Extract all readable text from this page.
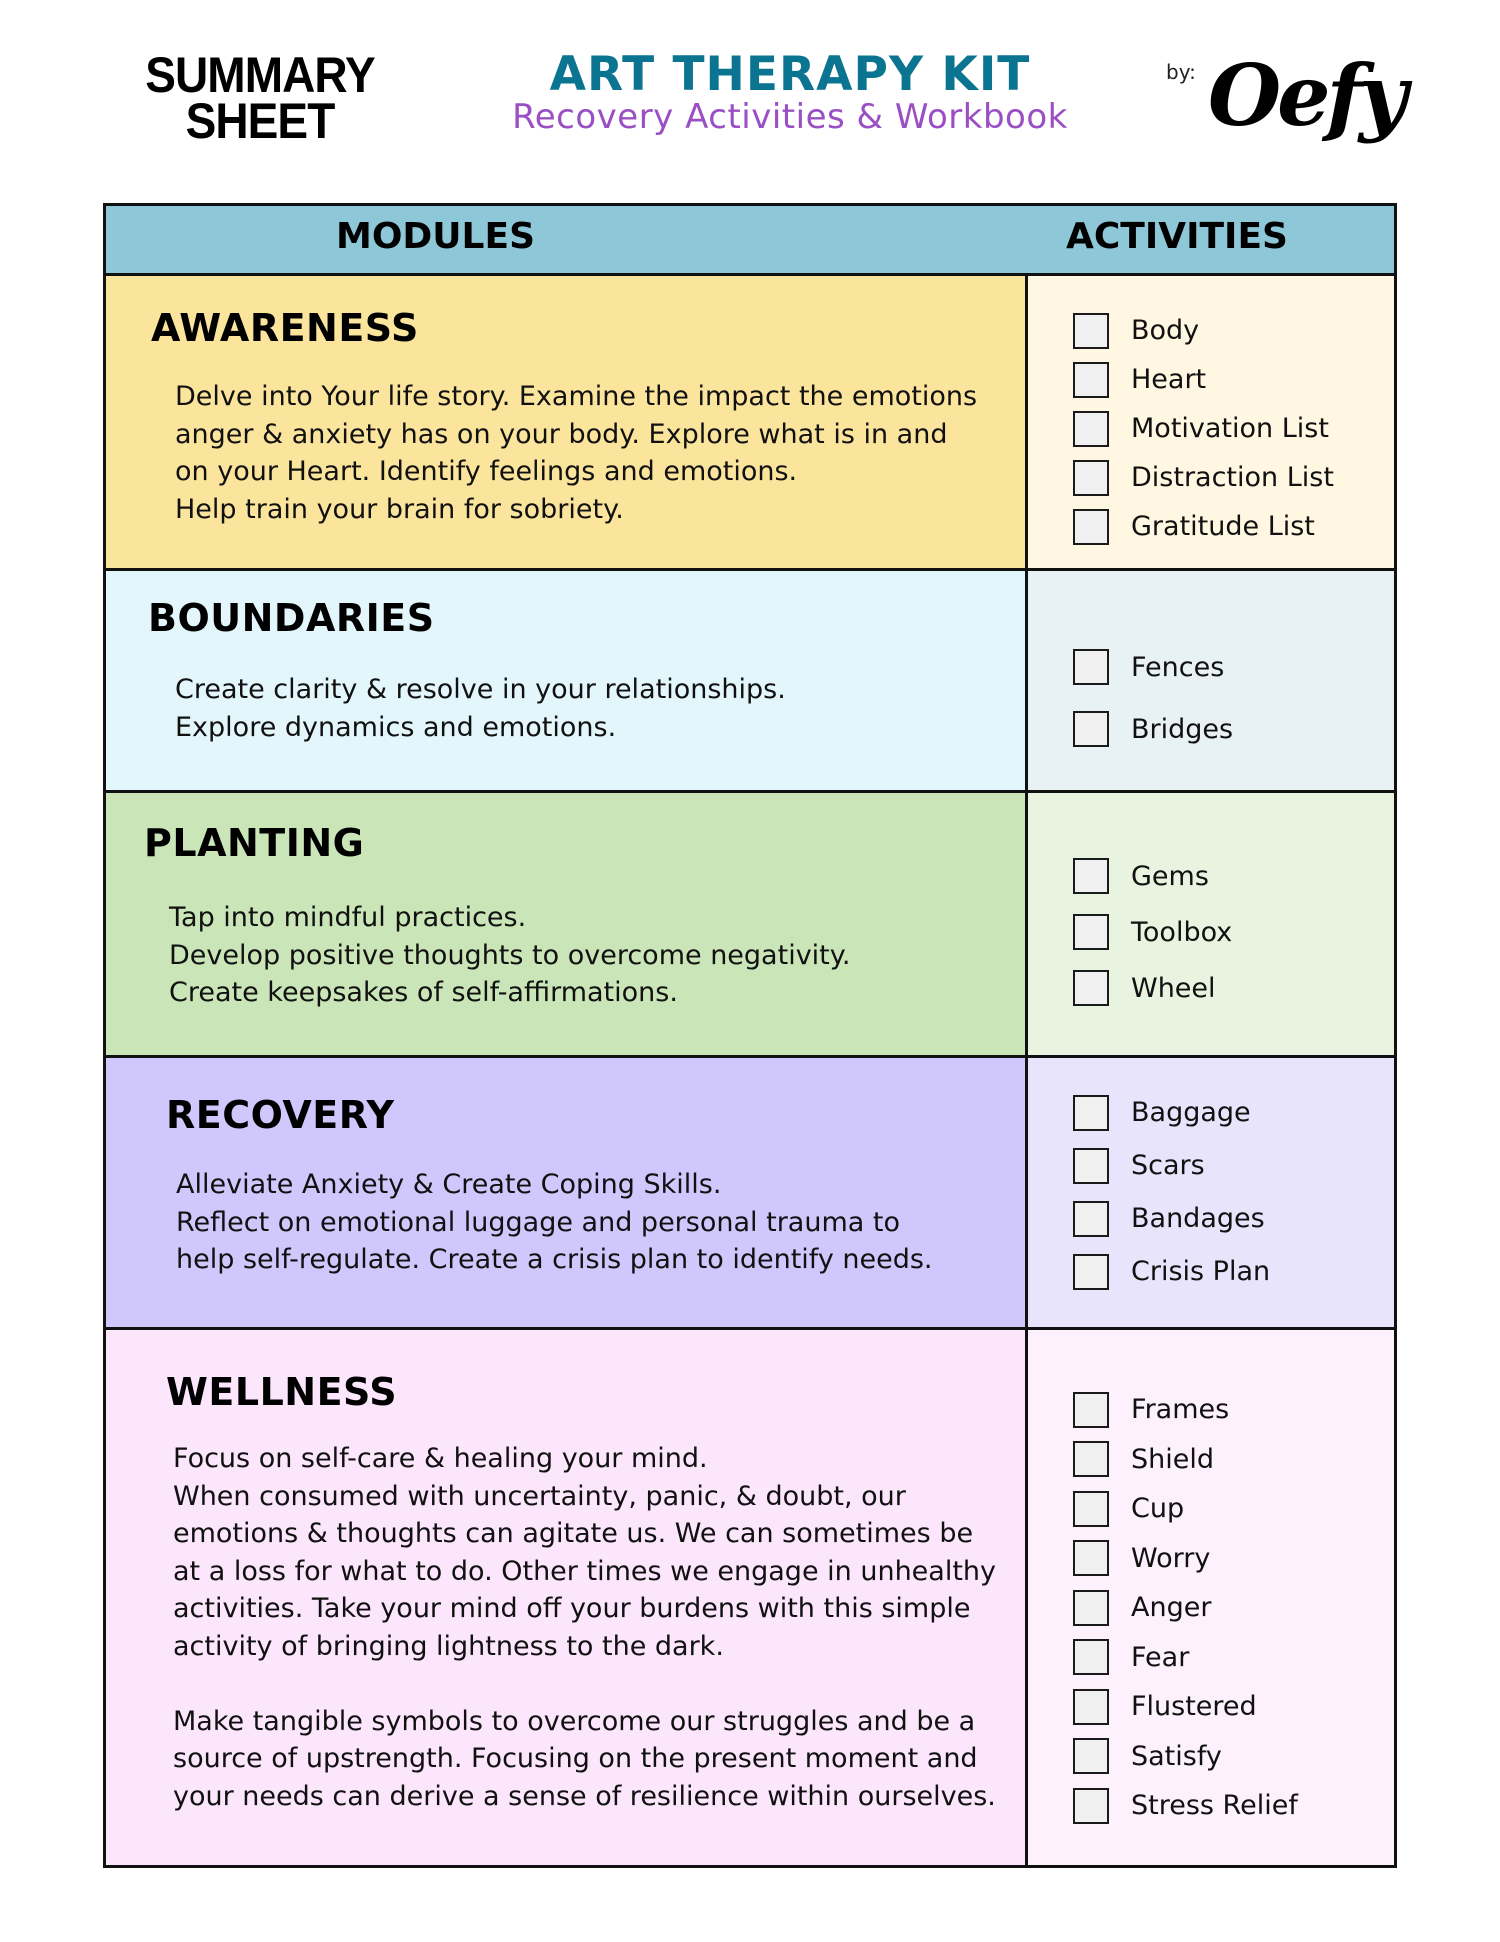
SUMMARY
SHEET
ART THERAPY KIT
Recovery Activities & Workbook
by: Oefy
MODULES	ACTIVITIES
AWARENESS
Delve into Your life story. Examine the impact the emotions
anger & anxiety has on your body. Explore what is in and
on your Heart. Identify feelings and emotions.
Help train your brain for sobriety.
Body
Heart
Motivation List
Distraction List
Gratitude List
BOUNDARIES
Create clarity & resolve in your relationships.
Explore dynamics and emotions.
Fences
Bridges
PLANTING
Tap into mindful practices.
Develop positive thoughts to overcome negativity.
Create keepsakes of self-affirmations.
Gems
Toolbox
Wheel
RECOVERY
Alleviate Anxiety & Create Coping Skills.
Reflect on emotional luggage and personal trauma to
help self-regulate. Create a crisis plan to identify needs.
Baggage
Scars
Bandages
Crisis Plan
WELLNESS
Focus on self-care & healing your mind.
When consumed with uncertainty, panic, & doubt, our
emotions & thoughts can agitate us. We can sometimes be
at a loss for what to do. Other times we engage in unhealthy
activities. Take your mind off your burdens with this simple
activity of bringing lightness to the dark.

Make tangible symbols to overcome our struggles and be a
source of upstrength. Focusing on the present moment and
your needs can derive a sense of resilience within ourselves.
Frames
Shield
Cup
Worry
Anger
Fear
Flustered
Satisfy
Stress Relief
